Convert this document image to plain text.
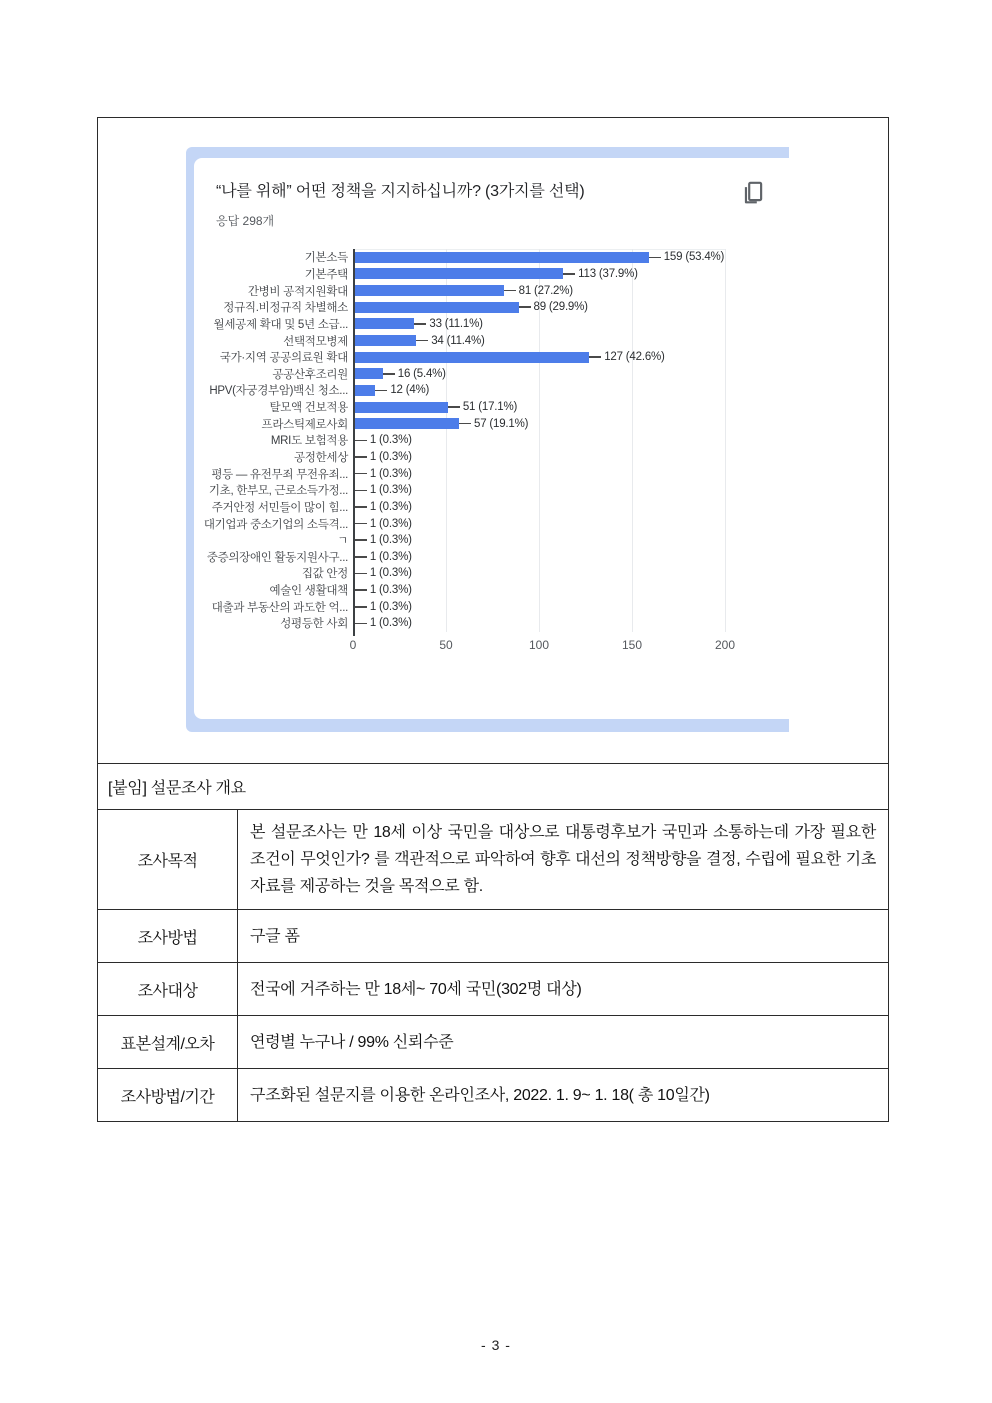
“나를 위해” 어떤 정책을 지지하십니까? (3가지를 선택)
응답 298개
0	50	100	150	200
기본소득	159 (53.4%)
기본주택	113 (37.9%)
간병비 공적지원확대	81 (27.2%)
정규직.비정규직 차별해소	89 (29.9%)
월세공제 확대 및 5년 소급...	33 (11.1%)
선택적모병제	34 (11.4%)
국가·지역 공공의료원 확대	127 (42.6%)
공공산후조리원	16 (5.4%)
HPV(자궁경부암)백신 청소...	12 (4%)
탈모액 건보적용	51 (17.1%)
프라스틱제로사회	57 (19.1%)
MRI도 보험적용	1 (0.3%)
공정한세상	1 (0.3%)
평등 — 유전무죄 무전유죄...	1 (0.3%)
기초, 한부모, 근로소득가정...	1 (0.3%)
주거안정 서민들이 많이 힘...	1 (0.3%)
대기업과 중소기업의 소득격...	1 (0.3%)
ㄱ	1 (0.3%)
중증의장애인 활동지원사구...	1 (0.3%)
집값 안정	1 (0.3%)
예술인 생활대책	1 (0.3%)
대출과 부동산의 과도한 억...	1 (0.3%)
성평등한 사회	1 (0.3%)
[붙임] 설문조사 개요
조사목적
본 설문조사는 만 18세 이상 국민을 대상으로 대통령후보가 국민과 소통하는데 가장 필요한 조건이 무엇인가? 를 객관적으로 파악하여 향후 대선의 정책방향을 결정, 수립에 필요한 기초자료를 제공하는 것을 목적으로 함.
조사방법	구글 폼
조사대상	전국에 거주하는 만 18세~ 70세 국민(302명 대상)
표본설계/오차	연령별 누구나 / 99% 신뢰수준
조사방법/기간	구조화된 설문지를 이용한 온라인조사, 2022. 1. 9~ 1. 18( 총 10일간)
- 3 -
